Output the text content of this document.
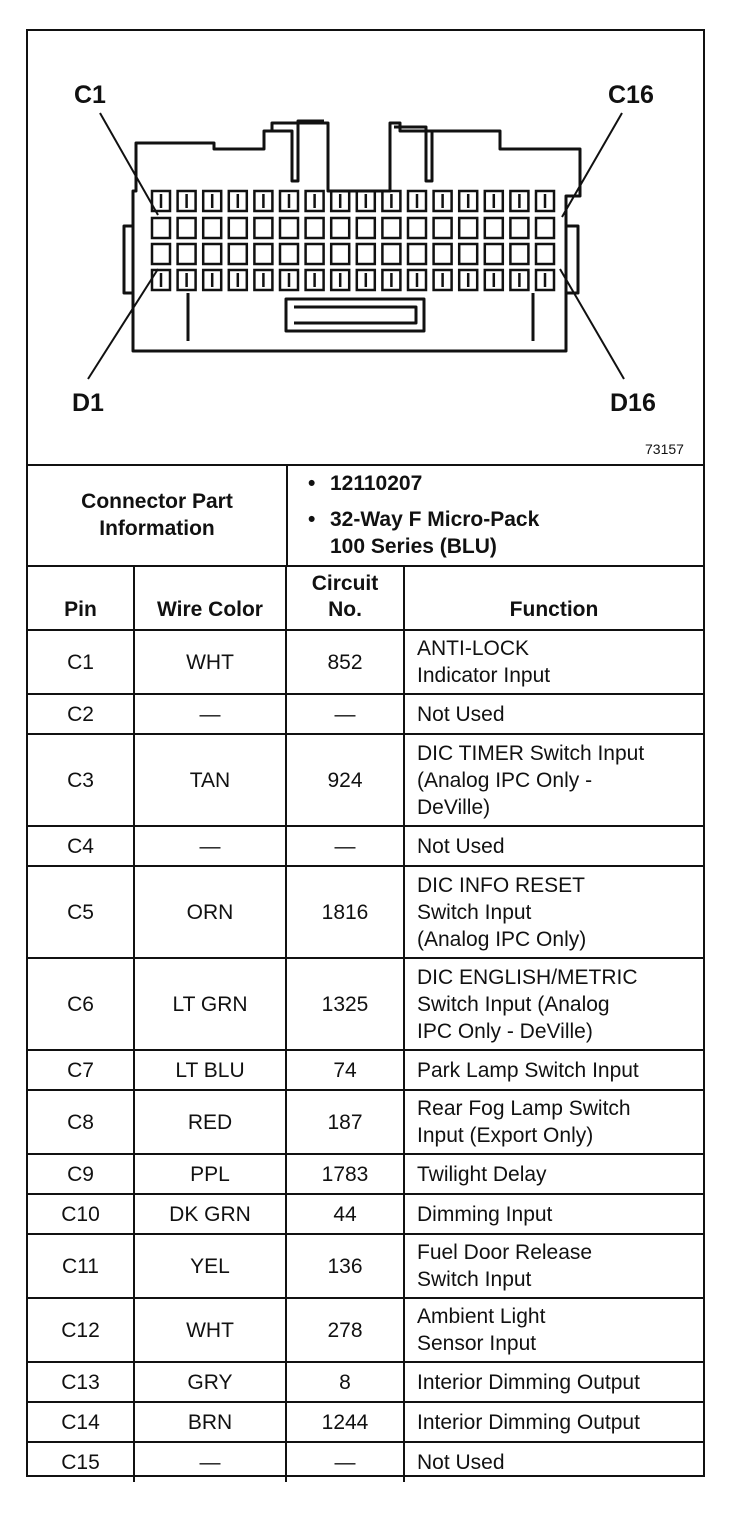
C1	C16
D1	D16
73157
Connector Part
Information
• 12110207
• 32-Way F Micro-Pack
100 Series (BLU)
Pin	Wire Color	Circuit
No.	Function
C1	WHT	852	ANTI-LOCK
Indicator Input

C2	—	—	Not Used

C3	TAN	924	DIC TIMER Switch Input
(Analog IPC Only -
DeVille)

C4	—	—	Not Used

C5	ORN	1816	DIC INFO RESET
Switch Input
(Analog IPC Only)

C6	LT GRN	1325	DIC ENGLISH/METRIC
Switch Input (Analog
IPC Only - DeVille)

C7	LT BLU	74	Park Lamp Switch Input

C8	RED	187	Rear Fog Lamp Switch
Input (Export Only)

C9	PPL	1783	Twilight Delay

C10	DK GRN	44	Dimming Input

C11	YEL	136	Fuel Door Release
Switch Input

C12	WHT	278	Ambient Light
Sensor Input

C13	GRY	8	Interior Dimming Output

C14	BRN	1244	Interior Dimming Output

C15	—	—	Not Used
